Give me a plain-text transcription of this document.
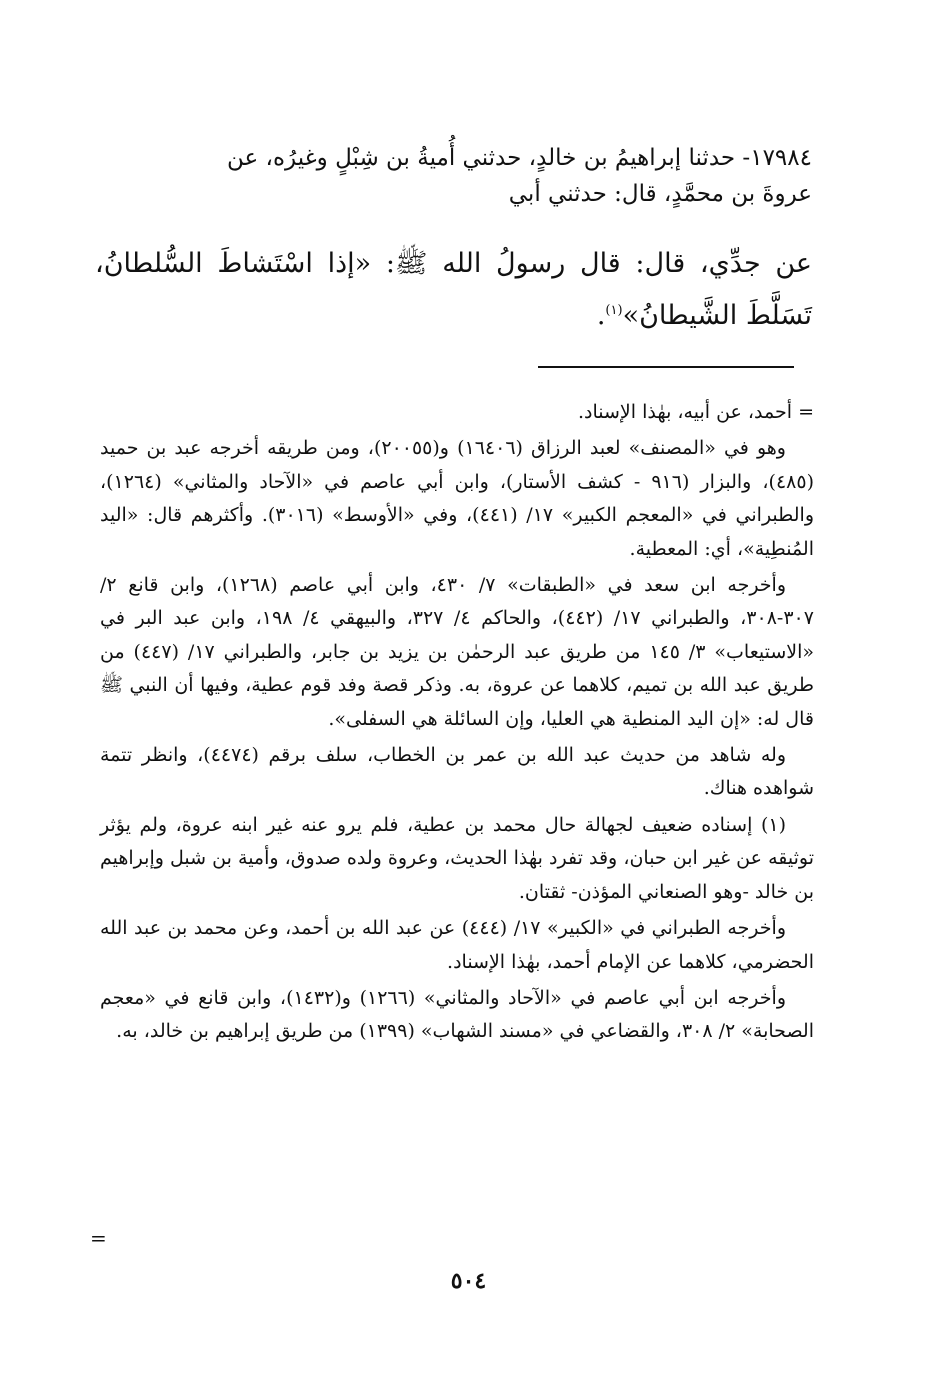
١٧٩٨٤- حدثنا إبراهيمُ بن خالدٍ، حدثني أُميةُ بن شِبْلٍ وغيرُه، عن

عروةَ بن محمَّدٍ، قال: حدثني أبي

عن جدِّي، قال: قال رسولُ الله ﷺ: «إذا اسْتَشاطَ السُّلطانُ، تَسَلَّطَ الشَّيطانُ»$^{(١)}$.

= أحمد، عن أبيه، بهٰذا الإسناد.

وهو في «المصنف» لعبد الرزاق (١٦٤٠٦) و(٢٠٠٥٥)، ومن طريقه أخرجه عبد بن حميد (٤٨٥)، والبزار (٩١٦ - كشف الأستار)، وابن أبي عاصم في «الآحاد والمثاني» (١٢٦٤)، والطبراني في «المعجم الكبير» ١٧/ (٤٤١)، وفي «الأوسط» (٣٠١٦). وأكثرهم قال: «اليد المُنطِية»، أي: المعطية.

وأخرجه ابن سعد في «الطبقات» ٧/ ٤٣٠، وابن أبي عاصم (١٢٦٨)، وابن قانع ٢/ ٣٠٧-٣٠٨، والطبراني ١٧/ (٤٤٢)، والحاكم ٤/ ٣٢٧، والبيهقي ٤/ ١٩٨، وابن عبد البر في «الاستيعاب» ٣/ ١٤٥ من طريق عبد الرحمٰن بن يزيد بن جابر، والطبراني ١٧/ (٤٤٧) من طريق عبد الله بن تميم، كلاهما عن عروة، به. وذكر قصة وفد قوم عطية، وفيها أن النبي ﷺ قال له: «إن اليد المنطية هي العليا، وإن السائلة هي السفلى».

وله شاهد من حديث عبد الله بن عمر بن الخطاب، سلف برقم (٤٤٧٤)، وانظر تتمة شواهده هناك.

(١) إسناده ضعيف لجهالة حال محمد بن عطية، فلم يرو عنه غير ابنه عروة، ولم يؤثر توثيقه عن غير ابن حبان، وقد تفرد بهٰذا الحديث، وعروة ولده صدوق، وأمية بن شبل وإبراهيم بن خالد -وهو الصنعاني المؤذن- ثقتان.

وأخرجه الطبراني في «الكبير» ١٧/ (٤٤٤) عن عبد الله بن أحمد، وعن محمد بن عبد الله الحضرمي، كلاهما عن الإمام أحمد، بهٰذا الإسناد.

وأخرجه ابن أبي عاصم في «الآحاد والمثاني» (١٢٦٦) و(١٤٣٢)، وابن قانع في «معجم الصحابة» ٢/ ٣٠٨، والقضاعي في «مسند الشهاب» (١٣٩٩) من طريق إبراهيم بن خالد، به.

=
٥٠٤
